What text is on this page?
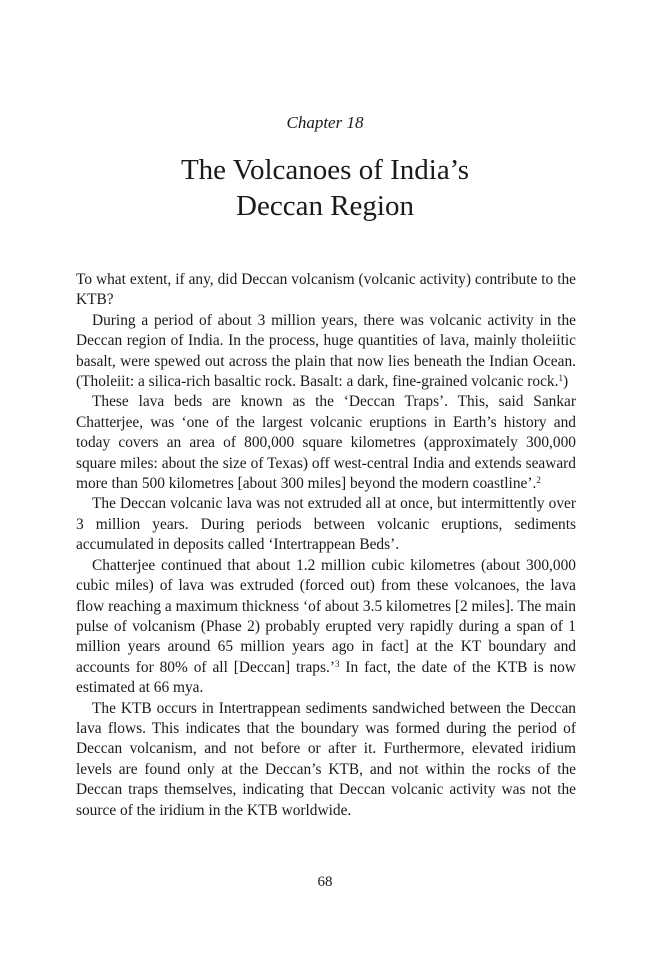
Chapter 18
The Volcanoes of India’s
Deccan Region

To what extent, if any, did Deccan volcanism (volcanic activity) contribute to the KTB?

During a period of about 3 million years, there was volcanic activity in the Deccan region of India. In the process, huge quantities of lava, mainly tholeiitic basalt, were spewed out across the plain that now lies beneath the Indian Ocean. (Tholeiit: a silica-rich basaltic rock. Basalt: a dark, fine-grained volcanic rock.$^1$)

These lava beds are known as the ‘Deccan Traps’. This, said Sankar Chatterjee, was ‘one of the largest volcanic eruptions in Earth’s history and today covers an area of 800,000 square kilometres (approximately 300,000 square miles: about the size of Texas) off west-central India and extends seaward more than 500 kilometres [about 300 miles] beyond the modern coastline’.$^2$

The Deccan volcanic lava was not extruded all at once, but intermittently over 3 million years. During periods between volcanic eruptions, sediments accumulated in deposits called ‘Intertrappean Beds’.

Chatterjee continued that about 1.2 million cubic kilometres (about 300,000 cubic miles) of lava was extruded (forced out) from these volcanoes, the lava flow reaching a maximum thickness ‘of about 3.5 kilometres [2 miles]. The main pulse of volcanism (Phase 2) probably erupted very rapidly during a span of 1 million years around 65 million years ago in fact] at the KT boundary and accounts for 80% of all [Deccan] traps.’$^3$ In fact, the date of the KTB is now estimated at 66 mya.

The KTB occurs in Intertrappean sediments sandwiched between the Deccan lava flows. This indicates that the boundary was formed during the period of Deccan volcanism, and not before or after it. Furthermore, elevated iridium levels are found only at the Deccan’s KTB, and not within the rocks of the Deccan traps themselves, indicating that Deccan volcanic activity was not the source of the iridium in the KTB worldwide.

68
